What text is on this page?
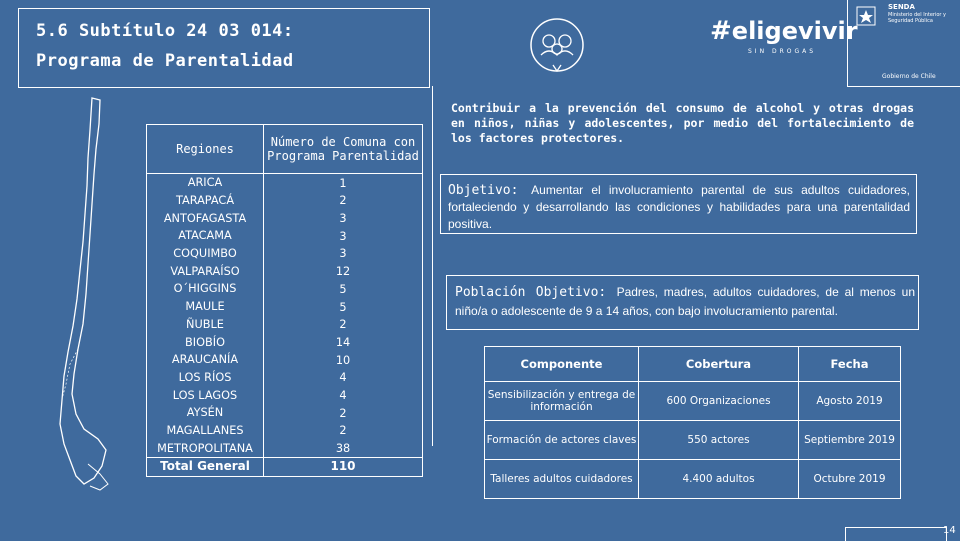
5.6 Subtítulo 24 03 014:
Programa de Parentalidad
Regiones	Número de Comuna con Programa Parentalidad
ARICA	1
TARAPACÁ	2
ANTOFAGASTA	3
ATACAMA	3
COQUIMBO	3
VALPARAÍSO	12
O´HIGGINS	5
MAULE	5
ÑUBLE	2
BIOBÍO	14
ARAUCANÍA	10
LOS RÍOS	4
LOS LAGOS	4
AYSÉN	2
MAGALLANES	2
METROPOLITANA	38
Total General	110
#eligevivir
SIN DROGAS
SENDA
Ministerio del Interior y Seguridad Pública
Gobierno de Chile
Contribuir a la prevención del consumo de alcohol y otras drogas en niños, niñas y adolescentes, por medio del fortalecimiento de los factores protectores.
Objetivo: Aumentar el involucramiento parental de sus adultos cuidadores, fortaleciendo y desarrollando las condiciones y habilidades para una parentalidad positiva.
Población Objetivo: Padres, madres, adultos cuidadores, de al menos un niño/a o adolescente de 9 a 14 años, con bajo involucramiento parental.
Componente	Cobertura	Fecha
Sensibilización y entrega de información	600 Organizaciones	Agosto 2019
Formación de actores claves	550 actores	Septiembre 2019
Talleres adultos cuidadores	4.400 adultos	Octubre 2019
14
